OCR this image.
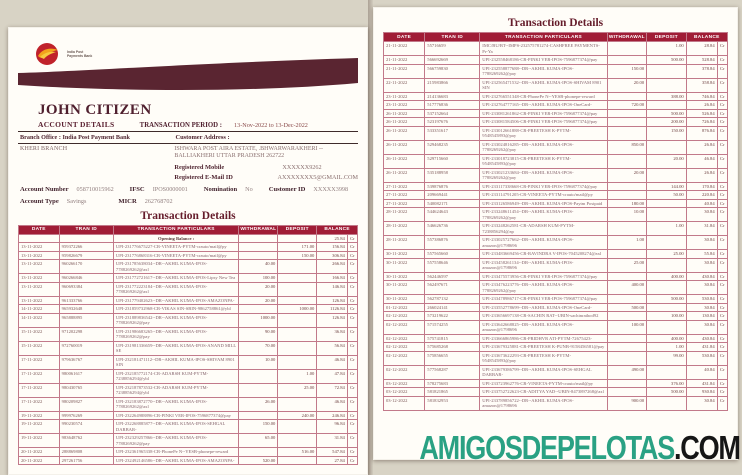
India Post
Payments Bank
JOHN CITIZEN
ACCOUNT DETAILS	TRANSACTION PERIOD : 13-Nov-2022 to 13-Dec-2022
Branch Office : India Post Payment Bank	Customer Address :
KHERI BRANCH	ISHWARA POST AIRA ESTATE, .BHWARWARAKHERI -- BALLIAKHERI UTTAR PRADESH 262722
Registered Mobile	XXXXXX9262
Registered E-Mail ID	AXXXXXXX5@GMAIL.COM
Account Number 058710015962 IFSC IPOS0000001 Nomination No Customer ID XXXXX3998
Account Type Savings	MICR 262768702
Transaction Details
DATE	TRAN ID	TRANSACTION PARTICULARS	WITHDRAWAL	DEPOSIT	BALANCE	
		Opening Balance :			25.84	Cr
13-11-2022	959372266	UPI-231776675227-CR-VINEETA-PYTM-crauto/mail@py		171.00	156.84	Cr
13-11-2022	959826679	UPI-231776868316-CR-VINEETA-PYTM-crauto/mail@py		150.00	306.84	Cr
13-11-2022	960266170	UPI-231785638034--DR--AKHIL KUMA-IPOS-7788269262@axl	40.00		266.84	Cr
13-11-2022	960266846	UPI-231772721617--DR--AKHIL KUMA-IPOS-Lipsy New Tea	100.00		166.84	Cr
13-11-2022	960693384	UPI-231772223184--DR--AKHIL KUMA-IPOS-7788269262@axl	20.00		146.84	Cr
13-11-2022	961333766	UPI-231779402623--DR--AKHIL KUMA-IPOS-AMAZONPA-	20.00		126.84	Cr
14-11-2022	965932648	UPI-231859732968-CR-VIKAS SIN-SBIN-9862758861@ybl		1000.00	1126.84	Cr
14-11-2022	965888895	UPI-231889836542--DR--AKHIL KUMA-IPOS-7788269262@pay	1000.00		126.84	Cr
15-11-2022	971202298	UPI-231986683265--DR--AKHIL KUMA-IPOS-7788269262@pay	90.00		36.84	Cr
15-11-2022	972760019	UPI-231981336659--DR--AKHIL KUMA-IPOS-ANAND MILL SE	70.00		56.84	Cr
17-11-2022	979636767	UPI-232181471112--DR--AKHIL KUMA-IPOS-SHIVAM 8901 SIN	10.00		46.84	Cr
17-11-2022	980061617	UPI-232185772174-CR-ADARSH KUM-PYTM-7238856294@ybl		1.00	47.84	Cr
17-11-2022	980430765	UPI-232187873532-CR-ADARSH KUM-PYTM-7238856294@ybl		25.00	72.84	Cr
17-11-2022	980209827	UPI-232183872770--DR--AKHIL KUMA-IPOS-7788269262@axl	26.00		46.84	Cr
19-11-2022	999976269	UPI-232264988896-CR-PINKI VER-IPOS-7596877374@pay		240.00	246.84	Cr
19-11-2022	990230574	UPI-232268885877--DR--AKHIL KUMA-IPOS-SEHGAL DARBAR-	150.00		96.84	Cr
19-11-2022	983648762	UPI-232329257866--DR--AKHIL KUMA-IPOS-7788269262@pay	65.00		31.84	Cr
20-11-2022	288869808	UPI-232361965338-CR-PhonePe N--YESB-phonepe-reward		516.00	547.84	Cr
20-11-2022	297261756	UPI-232492146586--DR--AKHIL KUMA-IPOS-AMAZONPA-	520.00		27.84	Cr
Transaction Details
DATE	TRAN ID	TRANSACTION PARTICULARS	WITHDRAWAL	DEPOSIT	BALANCE	
21-11-2022	55716659	IMC/BU/BT--IMPS-232575781274-CASHFREE PAYMENTS-Pr-Ya		1.00	28.84	Cr
21-11-2022	566692669	UPI-232558468186-CR-PINKI VER-IPOS-7596877374@pay		500.00	528.84	Cr
21-11-2022	566759830	UPI-232558877688--DR--AKHIL KUMA-IPOS-7788269262@pay	150.00		378.84	Cr
22-11-2022	215983866	UPI-232565471532--DR--AKHIL KUMA-IPOS-SHIVAM 8901 SIN	20.00		358.84	Cr
23-11-2022	214136683	UPI-232766551348-CR-PhonePe N--YESB-phonepe-reward		388.00	746.84	Cr
23-11-2022	517776836	UPI-232764777165--DR--AKHIL KUMA-IPOS-OneCard-	720.00		26.84	Cr
26-11-2022	537152664	UPI-233081261862-CR-PINKI VER-IPOS-7596877374@pay		500.00	526.84	Cr
26-11-2022	523197676	UPI-233081584506-CR-PINKI VER-IPOS-7596877374@pay		200.00	726.84	Cr
26-11-2022	533351617	UPI-233012661888-CR-PREETESH K-PYTM-9548545893@pay		150.00	876.84	Cr
26-11-2022	529468235	UPI-233024816285--DR--AKHIL KUMA-IPOS-7788269262@pay	850.00		26.84	Cr
26-11-2022	529715660	UPI-233018723815-CR-PREETESH K-PYTM-9548545893@pay		20.00	46.84	Cr
26-11-2022	535188958	UPI-233021233684--DR--AKHIL KUMA-IPOS-7788269262@pay	20.00		26.84	Cr
27-11-2022	539876876	UPI-233117338668-CR-PINKI VER-IPOS-7596877374@pay		144.00	170.84	Cr
27-11-2022	209669441	UPI-233114791205-CR-VINEETA-PYTM-crauto/mail@py		50.00	220.84	Cr
27-11-2022	540082171	UPI-233126586949--DR--AKHIL KUMA-IPOS-Paytm Postpaid	180.00		40.84	Cr
28-11-2022	544624643	UPI-233248611454--DR--AKHIL KUMA-IPOS-7788269262@pay	10.00		30.84	Cr
28-11-2022	546626736	UPI-233248262581-CR-ADARSH KUM-PYTM-7238856294@ap		1.00	31.84	Cr
28-11-2022	557386876	UPI-233025727662--DR--AKHIL KUMA-IPOS-amazon@1798696	1.00		30.84	Cr
30-11-2022	557565660	UPI-233483669456-CR-RAVINDRA V-IPOS-7045208274@axl		25.00	55.84	Cr
30-11-2022	557558646	UPI-233458261134--DR--AKHIL KUMA-IPOS-amazon@1798696	25.00		30.84	Cr
30-11-2022	562446597	UPI-233475573956-CR-PINKI VER-IPOS-7596877374@pay		400.00	430.84	Cr
30-11-2022	562497671	UPI-233476223776--DR--AKHIL KUMA-IPOS-7788269262@pay	400.00		30.84	Cr
30-11-2022	562787132	UPI-233478986717-CR-PINKI VER-IPOS-7596877374@pay		500.00	530.84	Cr
01-12-2022	266024141	UPI-233552778699--DR--AKHIL KUMA-IPOS-OneCard-	500.00		30.84	Cr
02-12-2022	573219622	UPI-233656697138-CR-SACHIN RAT--UBIN-sachinrathod92		100.00	130.84	Cr
02-12-2022	571574255	UPI-233642668825--DR--AKHIL KUMA-IPOS-amazon@1798696	100.00		30.84	Cr
02-12-2022	575741815	UPI-233666865986-CR-PRIDHVR ATI-PYTM-72675423-		400.00	430.84	Cr
02-12-2022	575685268	UPI-233679325881-CR-PREETESH K-PUNB-9158456581@pay		1.00	431.84	Cr
02-12-2022	575856655	UPI-233673622293-CR-PREETESH K-PYTM-9548545893@pay		99.00	530.84	Cr
02-12-2022	577568287	UPI-233679386799--DR--AKHIL KUMA-IPOS-SEHGAL DARBAR-	490.00		40.84	Cr
03-12-2022	578275683	UPI-233723962776-CR-VINEETA-PYTM-crauto/mail@py		376.00	431.84	Cr
03-12-2022	581821865	UPI-233752722623-CR-ADITYA YAD--UBIN-8473897268@axl		500.00	930.84	Cr
03-12-2022	581832953	UPI-233789856722--DR--AKHIL KUMA-IPOS-amazon@1798696	900.00		30.84	Cr
AMIGOSDEPELOTAS.COM
